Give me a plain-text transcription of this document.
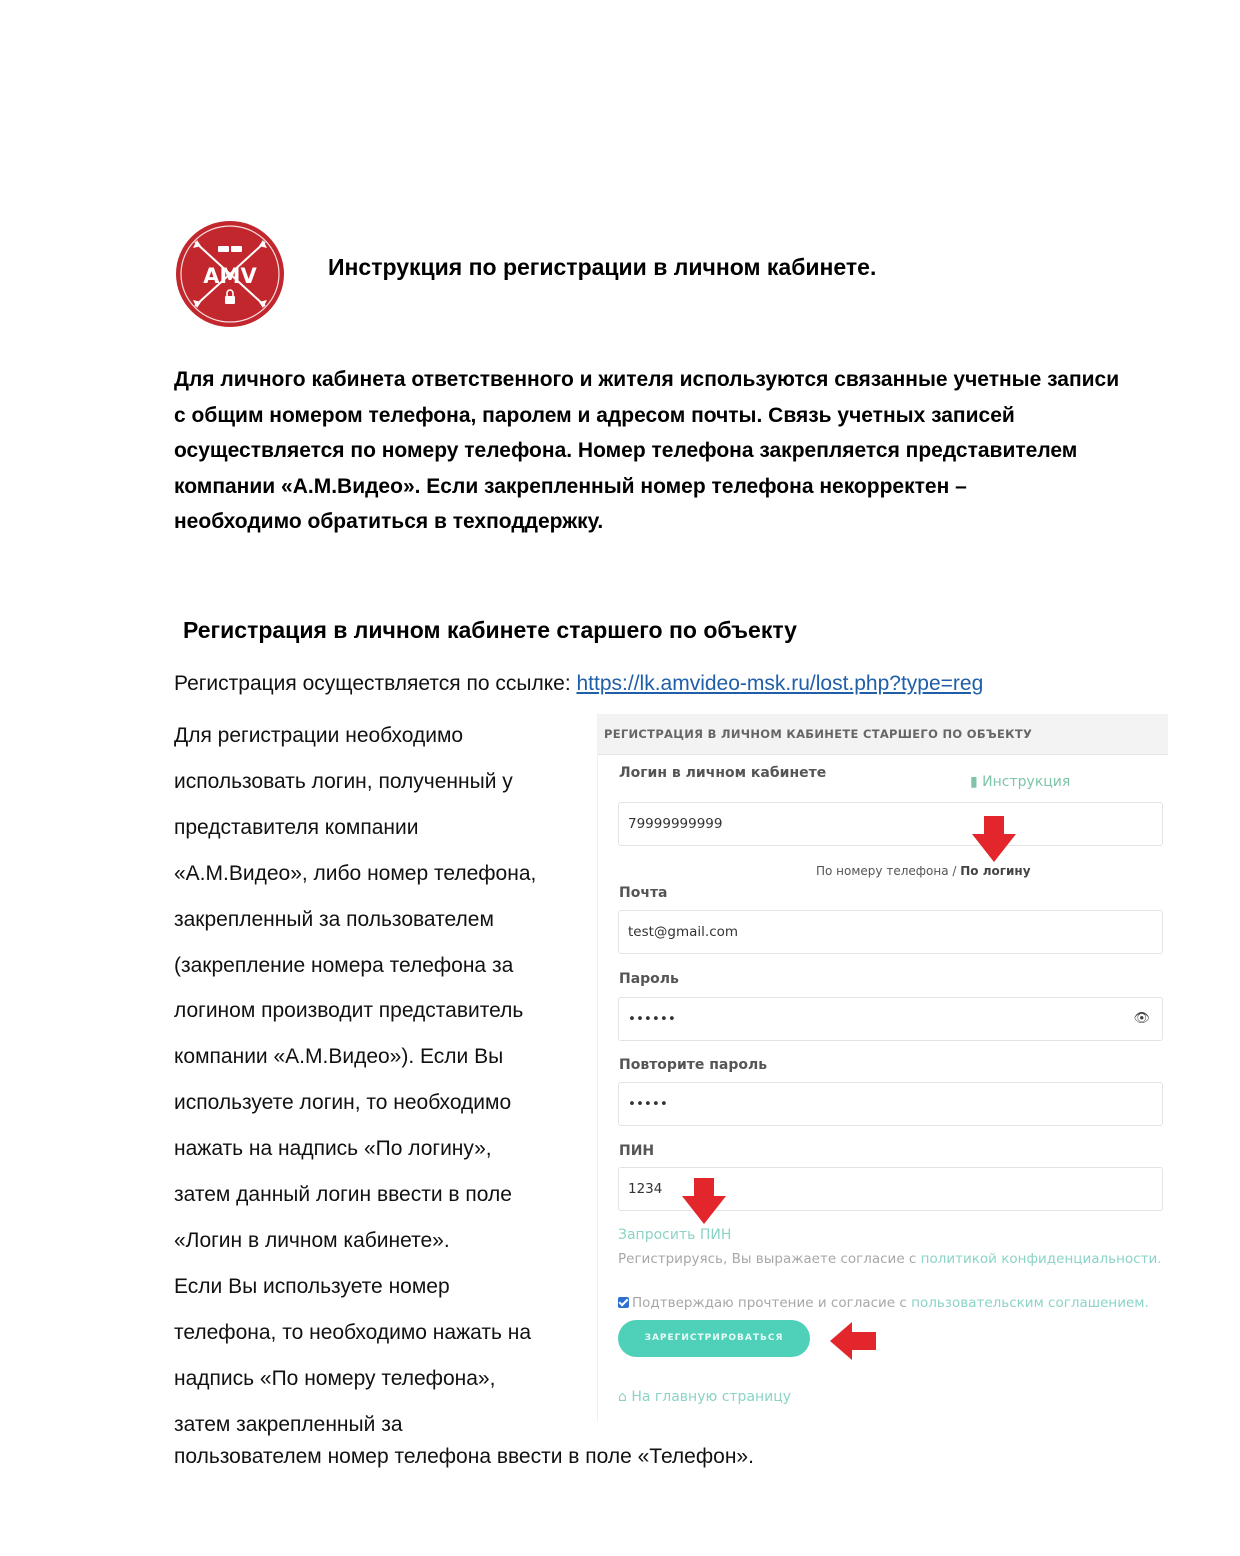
AMV	Инструкция по регистрации в личном кабинете.

Для личного кабинета ответственного и жителя используются связанные учетные записи

с общим номером телефона, паролем и адресом почты. Связь учетных записей

осуществляется по номеру телефона. Номер телефона закрепляется представителем

компании «А.М.Видео». Если закрепленный номер телефона некорректен –

необходимо обратиться в техподдержку.

Регистрация в личном кабинете старшего по объекту
Регистрация осуществляется по ссылке: https://lk.amvideo-msk.ru/lost.php?type=reg
Для регистрации необходимо
использовать логин, полученный у
представителя компании
«А.М.Видео», либо номер телефона,
закрепленный за пользователем
(закрепление номера телефона за
логином производит представитель
компании «А.М.Видео»). Если Вы
используете логин, то необходимо
нажать на надпись «По логину»,
затем данный логин ввести в поле
«Логин в личном кабинете».
Если Вы используете номер
телефона, то необходимо нажать на
надпись «По номеру телефона»,
затем закрепленный за
пользователем номер телефона ввести в поле «Телефон».
РЕГИСТРАЦИЯ В ЛИЧНОМ КАБИНЕТЕ СТАРШЕГО ПО ОБЪЕКТУ
Логин в личном кабинете
▮ Инструкция
79999999999
По номеру телефона / По логину
Почта
test@gmail.com
Пароль
••••••	👁
Повторите пароль
•••••
ПИН
1234
Запросить ПИН
Регистрируясь, Вы выражаете согласие с политикой конфиденциальности.
Подтверждаю прочтение и согласие с пользовательским соглашением.
ЗАРЕГИСТРИРОВАТЬСЯ
⌂ На главную страницу
